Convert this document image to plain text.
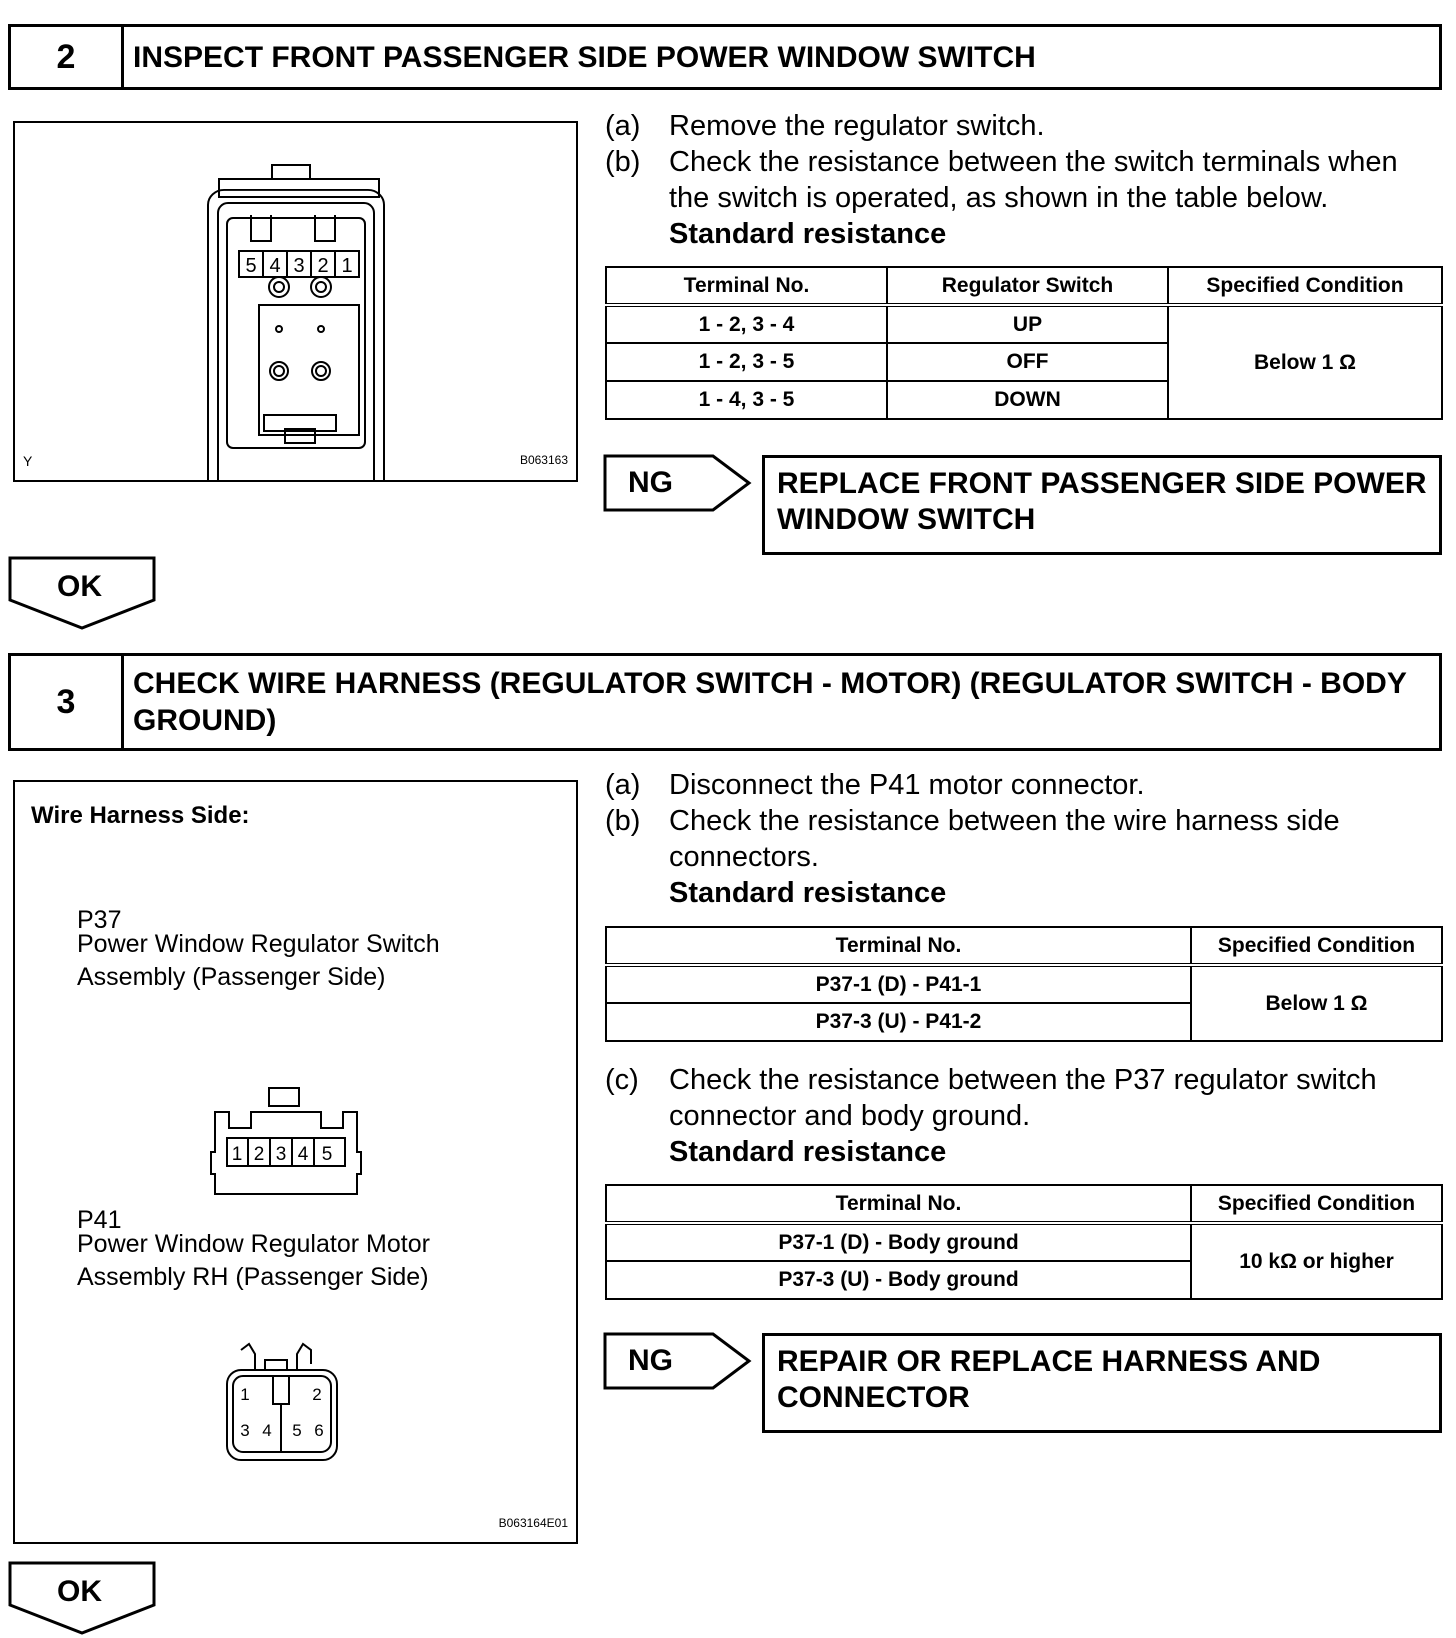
2	INSPECT FRONT PASSENGER SIDE POWER WINDOW SWITCH
5 4 3 2 1
Y	B063163
(a) Remove the regulator switch.
(b) Check the resistance between the switch terminals when the switch is operated, as shown in the table below.
Standard resistance
Terminal No.	Regulator Switch	Specified Condition
1 - 2, 3 - 4	UP	Below 1 Ω
1 - 2, 3 - 5	OFF	
1 - 4, 3 - 5	DOWN	
NG	REPLACE FRONT PASSENGER SIDE POWER WINDOW SWITCH
OK
3	CHECK WIRE HARNESS (REGULATOR SWITCH - MOTOR) (REGULATOR SWITCH - BODY GROUND)
Wire Harness Side:
P37
Power Window Regulator Switch Assembly (Passenger Side)
P41
Power Window Regulator Motor Assembly RH (Passenger Side)
1 2 3 4 5
1	2
3 4 5 6
B063164E01
(a) Disconnect the P41 motor connector.
(b) Check the resistance between the wire harness side connectors.
Standard resistance
Terminal No.	Specified Condition
P37-1 (D) - P41-1	Below 1 Ω
P37-3 (U) - P41-2	
(c)	Check the resistance between the P37 regulator switch connector and body ground.
Standard resistance
Terminal No.	Specified Condition
P37-1 (D) - Body ground	10 kΩ or higher
P37-3 (U) - Body ground	
NG	REPAIR OR REPLACE HARNESS AND CONNECTOR
OK
